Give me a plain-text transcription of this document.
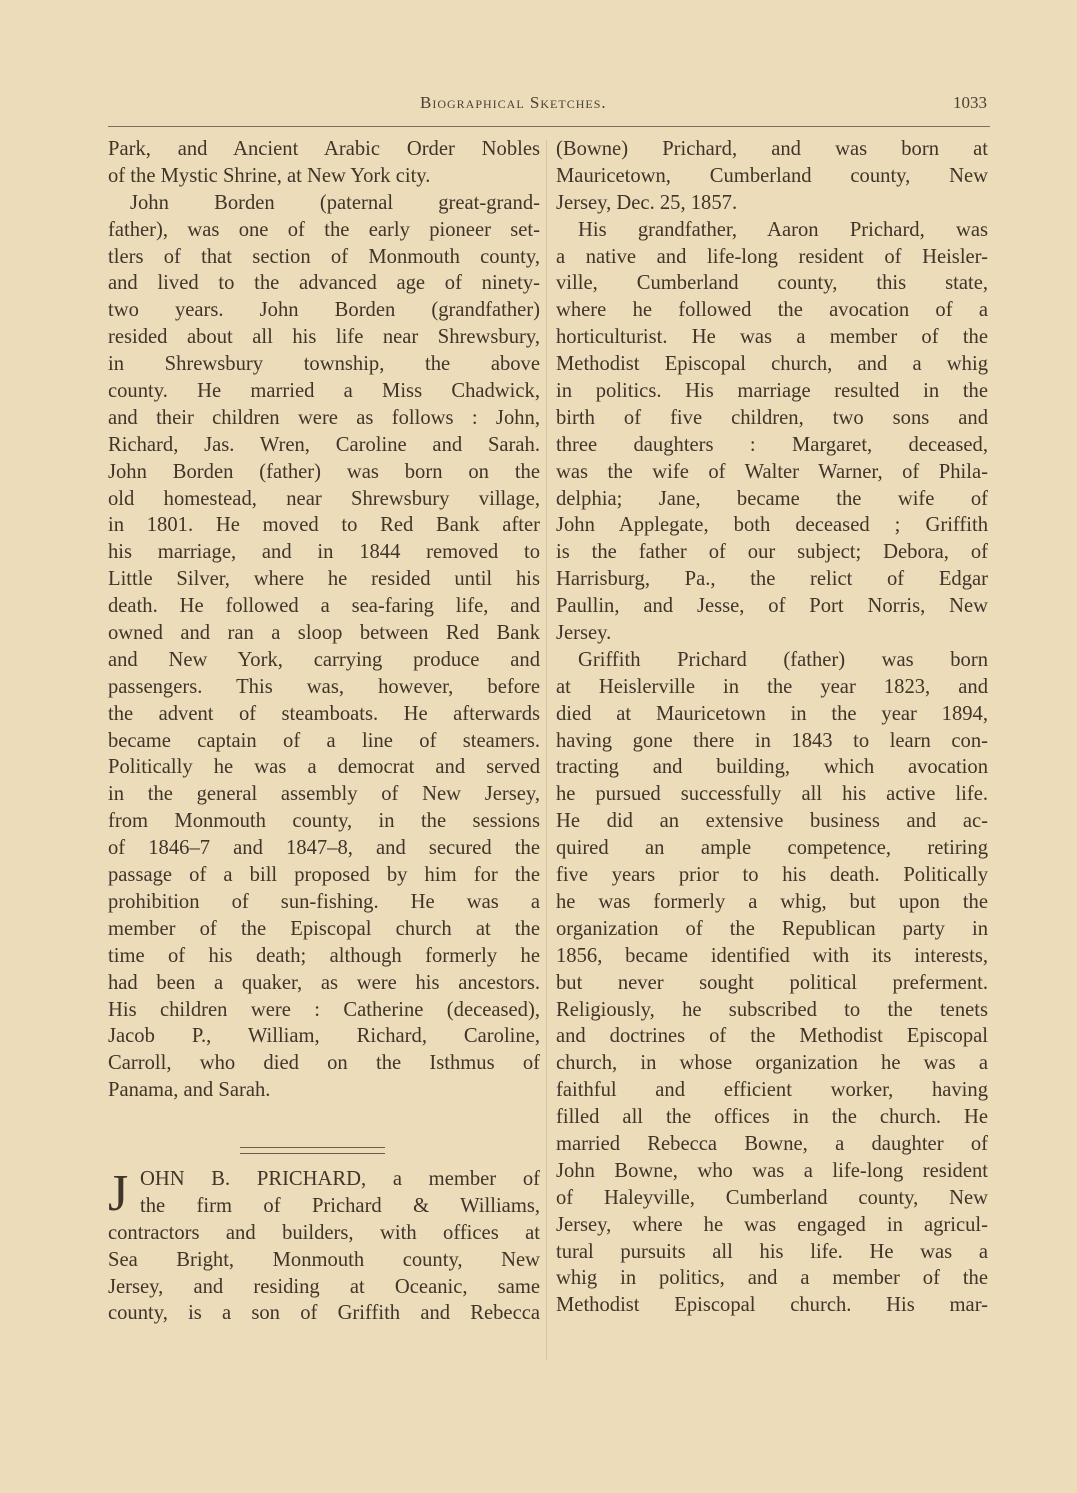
Biographical Sketches.	1033
Park, and Ancient Arabic Order Nobles
of the Mystic Shrine, at New York city.
John Borden (paternal great-grand-
father), was one of the early pioneer set-
tlers of that section of Monmouth county,
and lived to the advanced age of ninety-
two years. John Borden (grandfather)
resided about all his life near Shrewsbury,
in Shrewsbury township, the above
county. He married a Miss Chadwick,
and their children were as follows : John,
Richard, Jas. Wren, Caroline and Sarah.
John Borden (father) was born on the
old homestead, near Shrewsbury village,
in 1801. He moved to Red Bank after
his marriage, and in 1844 removed to
Little Silver, where he resided until his
death. He followed a sea-faring life, and
owned and ran a sloop between Red Bank
and New York, carrying produce and
passengers. This was, however, before
the advent of steamboats. He afterwards
became captain of a line of steamers.
Politically he was a democrat and served
in the general assembly of New Jersey,
from Monmouth county, in the sessions
of 1846–7 and 1847–8, and secured the
passage of a bill proposed by him for the
prohibition of sun-fishing. He was a
member of the Episcopal church at the
time of his death; although formerly he
had been a quaker, as were his ancestors.
His children were : Catherine (deceased),
Jacob P., William, Richard, Caroline,
Carroll, who died on the Isthmus of
Panama, and Sarah.
(Bowne) Prichard, and was born at
Mauricetown, Cumberland county, New
Jersey, Dec. 25, 1857.
His grandfather, Aaron Prichard, was
a native and life-long resident of Heisler-
ville, Cumberland county, this state,
where he followed the avocation of a
horticulturist. He was a member of the
Methodist Episcopal church, and a whig
in politics. His marriage resulted in the
birth of five children, two sons and
three daughters : Margaret, deceased,
was the wife of Walter Warner, of Phila-
delphia; Jane, became the wife of
John Applegate, both deceased ; Griffith
is the father of our subject; Debora, of
Harrisburg, Pa., the relict of Edgar
Paullin, and Jesse, of Port Norris, New
Jersey.
Griffith Prichard (father) was born
at Heislerville in the year 1823, and
died at Mauricetown in the year 1894,
having gone there in 1843 to learn con-
tracting and building, which avocation
he pursued successfully all his active life.
He did an extensive business and ac-
quired an ample competence, retiring
five years prior to his death. Politically
he was formerly a whig, but upon the
organization of the Republican party in
1856, became identified with its interests,
but never sought political preferment.
Religiously, he subscribed to the tenets
and doctrines of the Methodist Episcopal
church, in whose organization he was a
faithful and efficient worker, having
filled all the offices in the church. He
married Rebecca Bowne, a daughter of
John Bowne, who was a life-long resident
of Haleyville, Cumberland county, New
Jersey, where he was engaged in agricul-
tural pursuits all his life. He was a
whig in politics, and a member of the
Methodist Episcopal church. His mar-
J OHN B. PRICHARD, a member of
the firm of Prichard & Williams,
contractors and builders, with offices at
Sea Bright, Monmouth county, New
Jersey, and residing at Oceanic, same
county, is a son of Griffith and Rebecca
